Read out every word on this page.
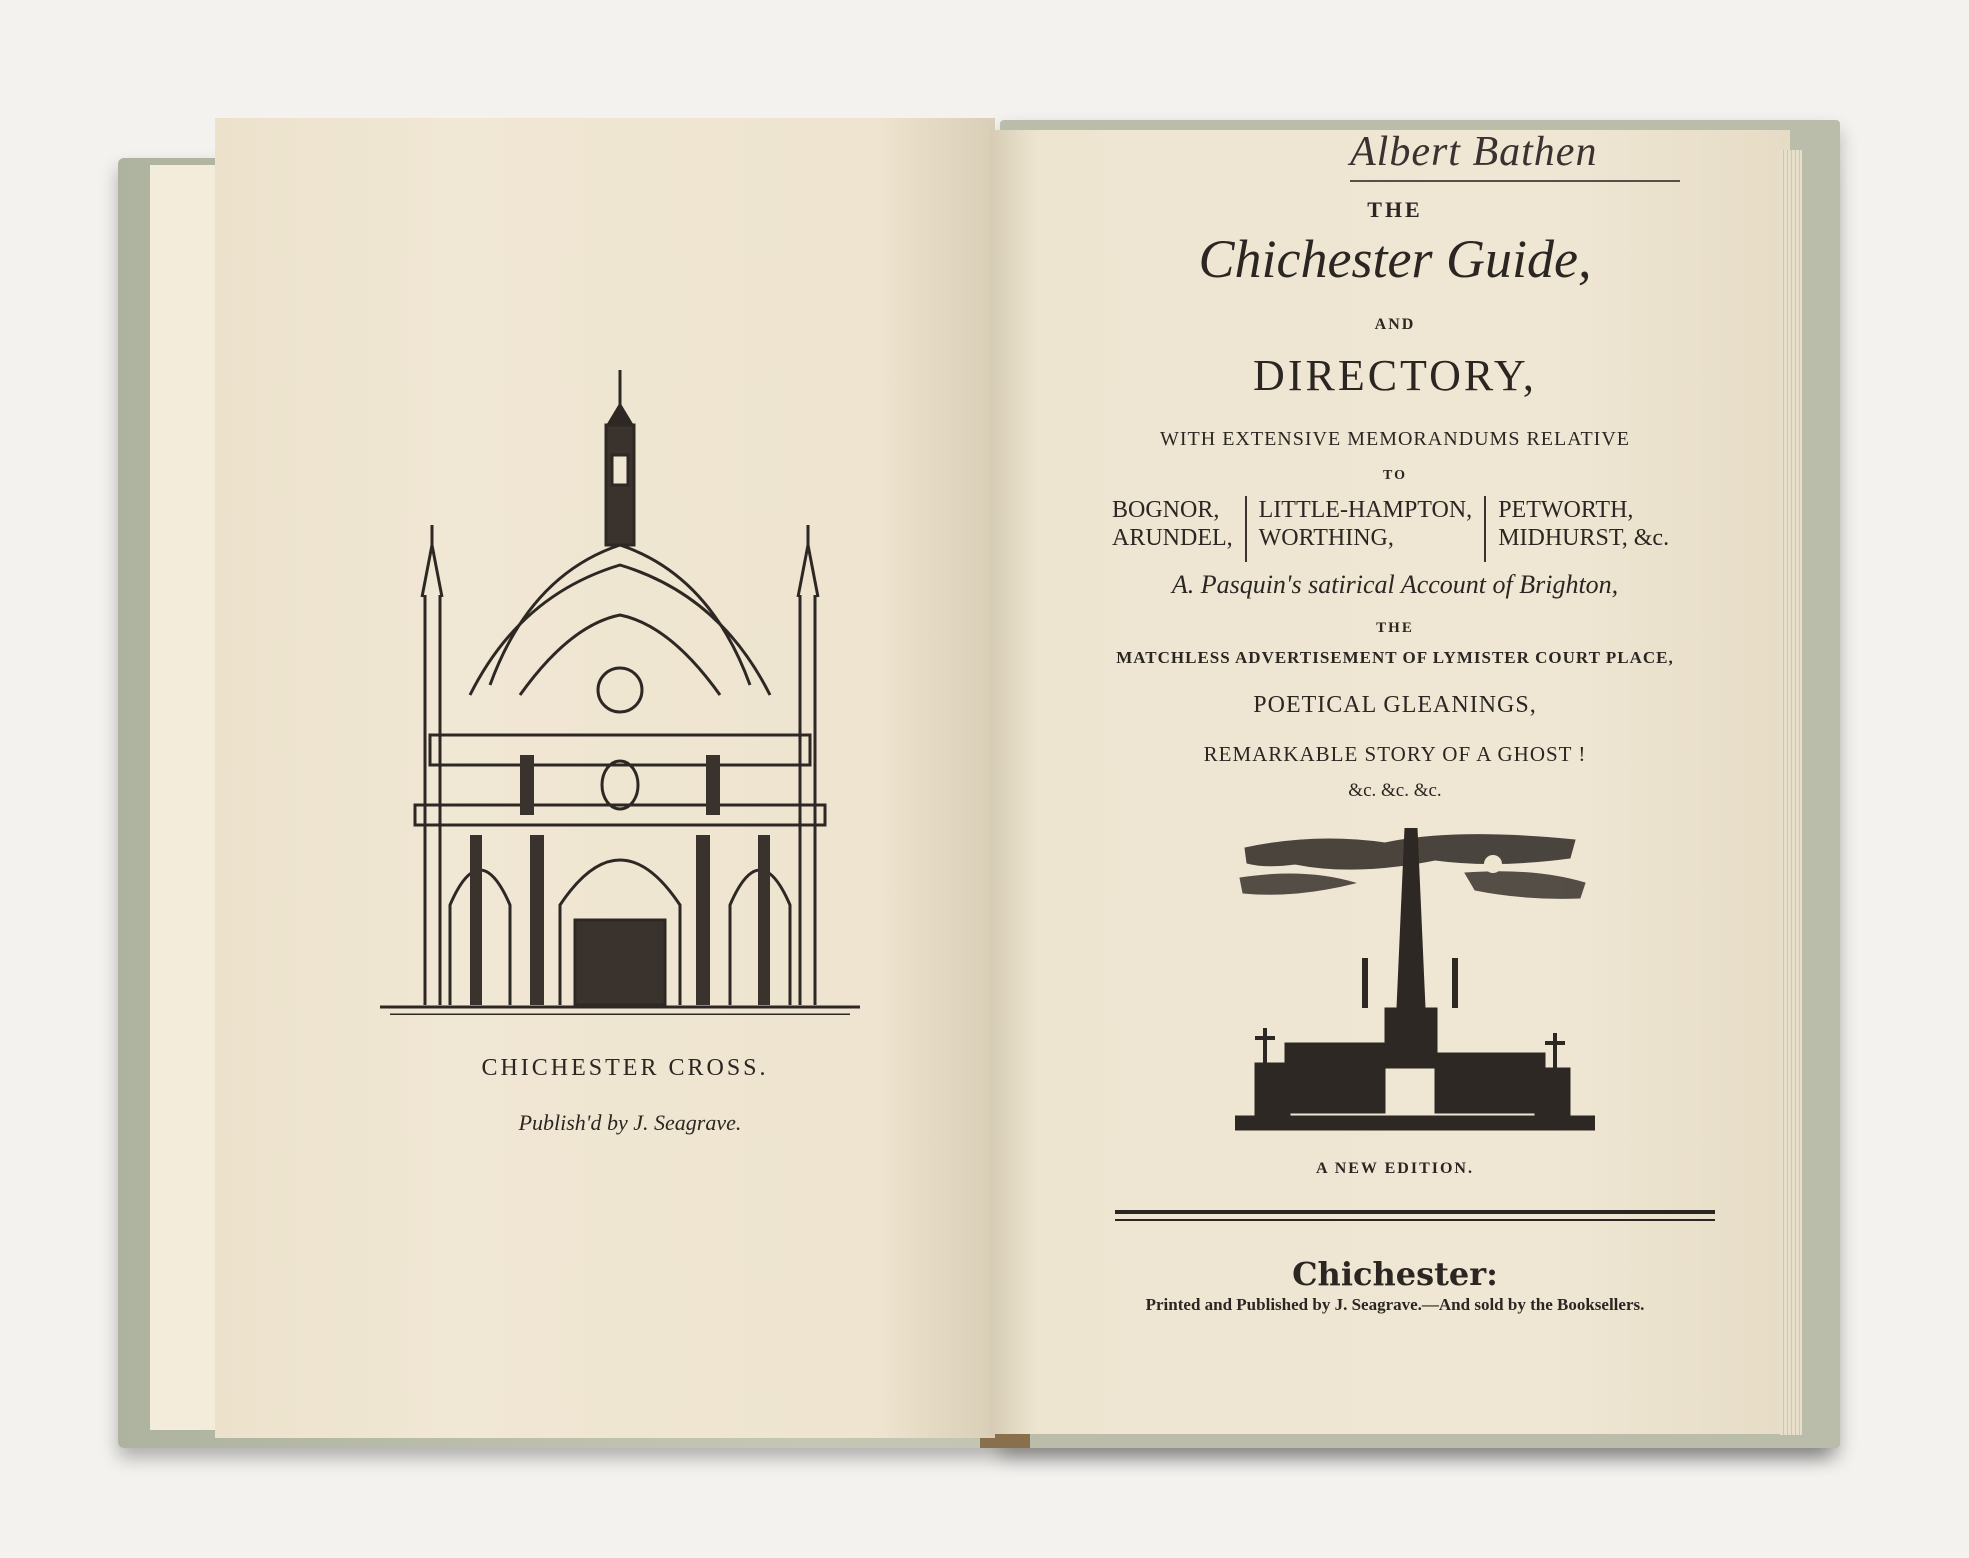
CHICHESTER CROSS.
Publish'd by J. Seagrave.
Albert Bathen
THE
Chichester Guide,
AND
DIRECTORY,
WITH EXTENSIVE MEMORANDUMS RELATIVE
TO
BOGNOR,
ARUNDEL,
LITTLE-HAMPTON,
WORTHING,
PETWORTH,
MIDHURST, &c.
A. Pasquin's satirical Account of Brighton,
THE
MATCHLESS ADVERTISEMENT OF LYMISTER COURT PLACE,
POETICAL GLEANINGS,
REMARKABLE STORY OF A GHOST !
&c. &c. &c.
A NEW EDITION.
Chichester:
Printed and Published by J. Seagrave.—And sold by the Booksellers.
